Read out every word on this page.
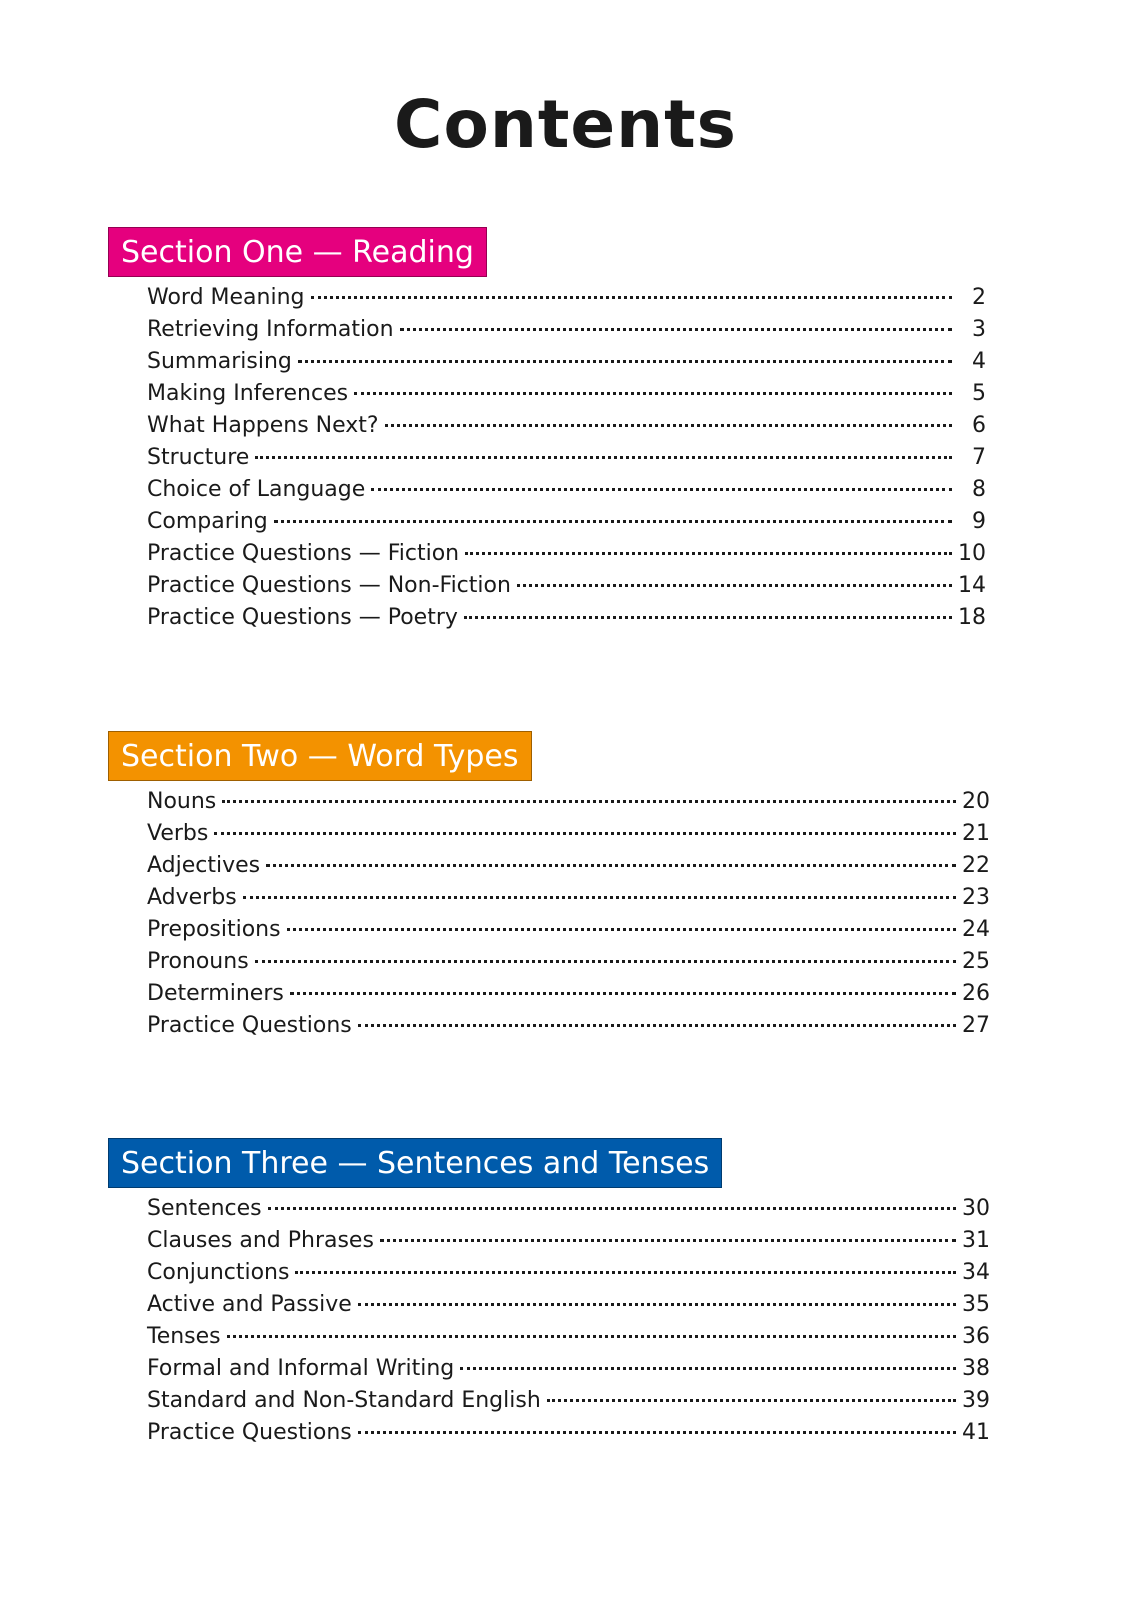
Contents
Section One — Reading
Word Meaning	2
Retrieving Information	3
Summarising	4
Making Inferences	5
What Happens Next?	6
Structure	7
Choice of Language	8
Comparing	9
Practice Questions — Fiction	10
Practice Questions — Non-Fiction	14
Practice Questions — Poetry	18
Section Two — Word Types
Nouns	20
Verbs	21
Adjectives	22
Adverbs	23
Prepositions	24
Pronouns	25
Determiners	26
Practice Questions	27
Section Three — Sentences and Tenses
Sentences	30
Clauses and Phrases	31
Conjunctions	34
Active and Passive	35
Tenses	36
Formal and Informal Writing	38
Standard and Non-Standard English	39
Practice Questions	41
